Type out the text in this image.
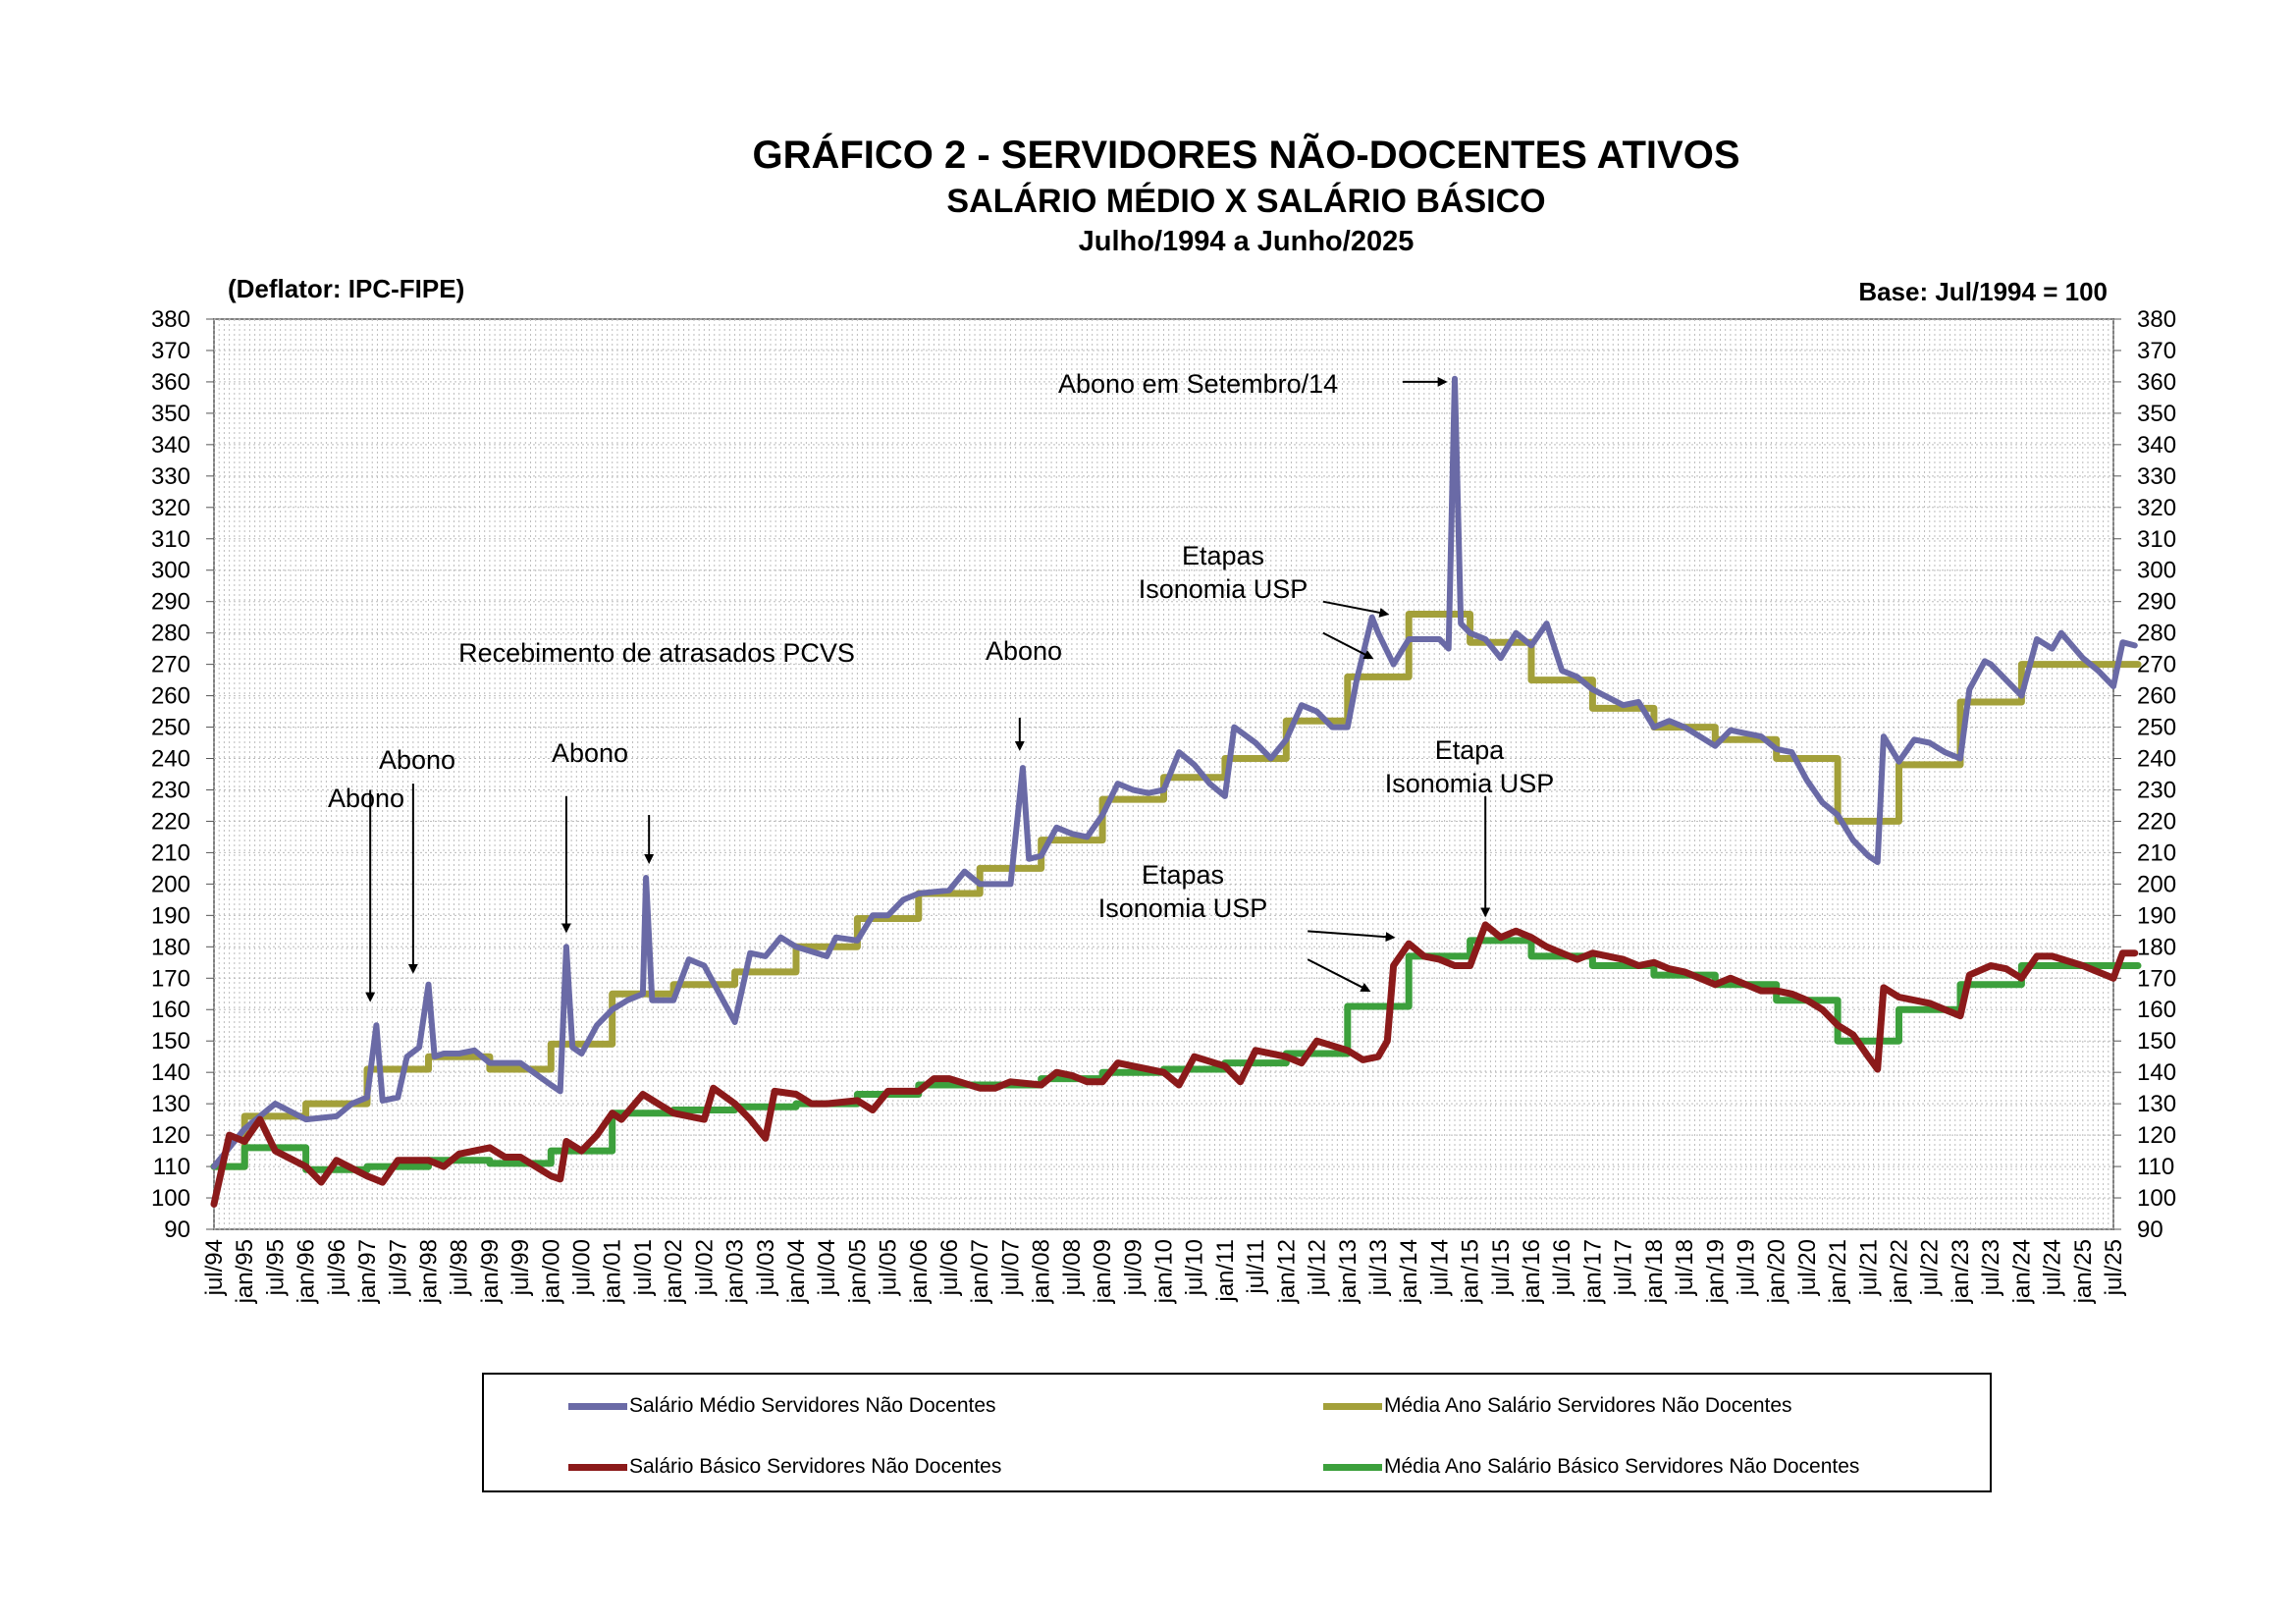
GRÁFICO 2 - SERVIDORES NÃO-DOCENTES ATIVOS
SALÁRIO MÉDIO X SALÁRIO BÁSICO
Julho/1994 a Junho/2025
(Deflator: IPC-FIPE)	Base: Jul/1994 = 100
90	90
100	100
110	110
120	120
130	130
140	140
150	150
160	160
170	170
180	180
190	190
200	200
210	210
220	220
230	230
240	240
250	250
260	260
270	270
280	280
290	290
300	300
310	310
320	320
330	330
340	340
350	350
360	360
370	370
380	380
jul/94 jan/95 jul/95 jan/96 jul/96 jan/97 jul/97 jan/98 jul/98 jan/99 jul/99 jan/00 jul/00 jan/01 jul/01 jan/02 jul/02 jan/03 jul/03 jan/04 jul/04 jan/05 jul/05 jan/06 jul/06 jan/07 jul/07 jan/08 jul/08 jan/09 jul/09 jan/10 jul/10 jan/11 jul/11 jan/12 jul/12 jan/13 jul/13 jan/14 jul/14 jan/15 jul/15 jan/16 jul/16 jan/17 jul/17 jan/18 jul/18 jan/19 jul/19 jan/20 jul/20 jan/21 jul/21 jan/22 jul/22 jan/23 jul/23 jan/24 jul/24 jan/25 jul/25
Abono
Abono	Abono
Recebimento de atrasados PCVS	Abono
Abono em Setembro/14
Etapas
Isonomia USP
Etapa
Isonomia USP
Etapas
Isonomia USP
Salário Médio Servidores Não Docentes	Média Ano Salário Servidores Não Docentes
Salário Básico Servidores Não Docentes	Média Ano Salário Básico Servidores Não Docentes
